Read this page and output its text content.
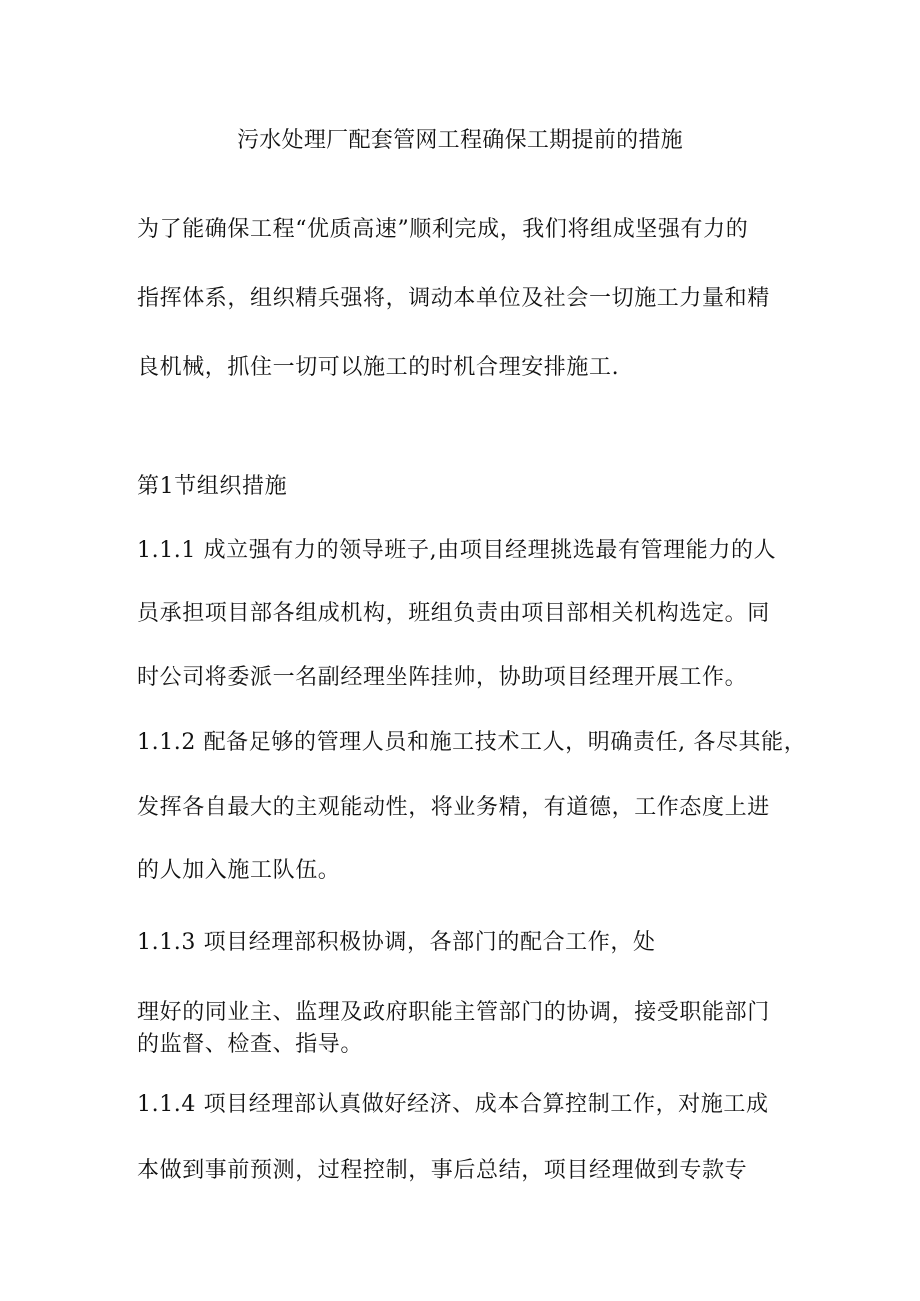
污水处理厂配套管网工程确保工期提前的措施
为了能确保工程“优质高速”顺利完成，我们将组成坚强有力的
指挥体系，组织精兵强将，调动本单位及社会一切施工力量和精
良机械，抓住一切可以施工的时机合理安排施工.
第1节组织措施
1.1.1 成立强有力的领导班子,由项目经理挑选最有管理能力的人
员承担项目部各组成机构，班组负责由项目部相关机构选定。同
时公司将委派一名副经理坐阵挂帅，协助项目经理开展工作。
1.1.2 配备足够的管理人员和施工技术工人，明确责任, 各尽其能，
发挥各自最大的主观能动性，将业务精，有道德，工作态度上进
的人加入施工队伍。
1.1.3 项目经理部积极协调，各部门的配合工作，处
理好的同业主、监理及政府职能主管部门的协调，接受职能部门
的监督、检查、指导。
1.1.4 项目经理部认真做好经济、成本合算控制工作，对施工成
本做到事前预测，过程控制，事后总结，项目经理做到专款专
